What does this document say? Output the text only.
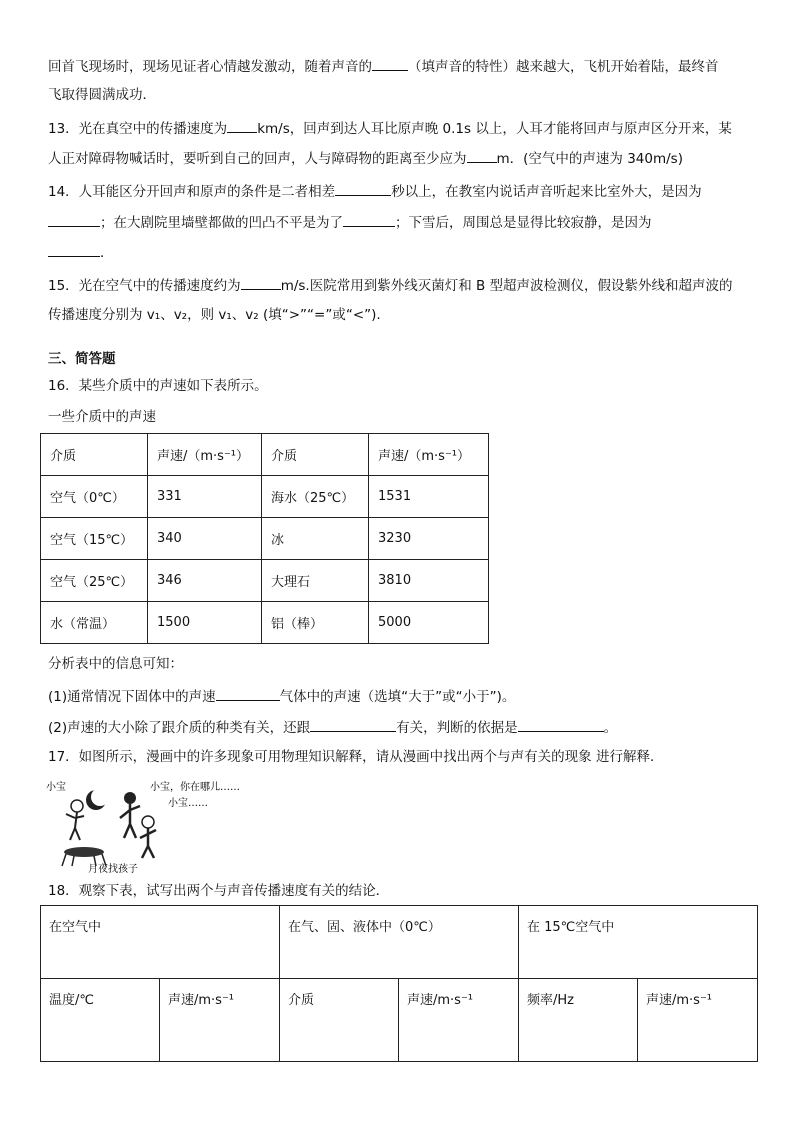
回首飞现场时，现场见证者心情越发激动，随着声音的	（填声音的特性）越来越大，飞机开始着陆，最终首
飞取得圆满成功．
13．光在真空中的传播速度为 km/s，回声到达人耳比原声晚 0.1s 以上，人耳才能将回声与原声区分开来，某
人正对障碍物喊话时，要听到自己的回声，人与障碍物的距离至少应为 m．(空气中的声速为 340m/s)
14．人耳能区分开回声和原声的条件是二者相差	秒以上，在教室内说话声音听起来比室外大，是因为
；在大剧院里墙壁都做的凹凸不平是为了	；下雪后，周围总是显得比较寂静，是因为
．
15．光在空气中的传播速度约为	m/s.医院常用到紫外线灭菌灯和 B 型超声波检测仪，假设紫外线和超声波的
传播速度分别为 v₁、v₂，则 v₁、v₂ (填“>”“=”或“<”).
三、简答题
16．某些介质中的声速如下表所示。
一些介质中的声速
介质	声速/（m·s⁻¹）	介质	声速/（m·s⁻¹）
空气（0℃）	331	海水（25℃）	1531
空气（15℃）	340	冰	3230
空气（25℃）	346	大理石	3810
水（常温）	1500	铝（棒）	5000
分析表中的信息可知：
(1)通常情况下固体中的声速	气体中的声速（选填“大于”或“小于”)。
(2)声速的大小除了跟介质的种类有关，还跟	有关，判断的依据是	。
17．如图所示，漫画中的许多现象可用物理知识解释，请从漫画中找出两个与声有关的现象 进行解释．
小宝	小宝，你在哪儿……
小宝……
月夜找孩子
18．观察下表，试写出两个与声音传播速度有关的结论．
在空气中		在气、固、液体中（0℃）		在 15℃空气中	
温度/℃	声速/m·s⁻¹	介质	声速/m·s⁻¹	频率/Hz	声速/m·s⁻¹
